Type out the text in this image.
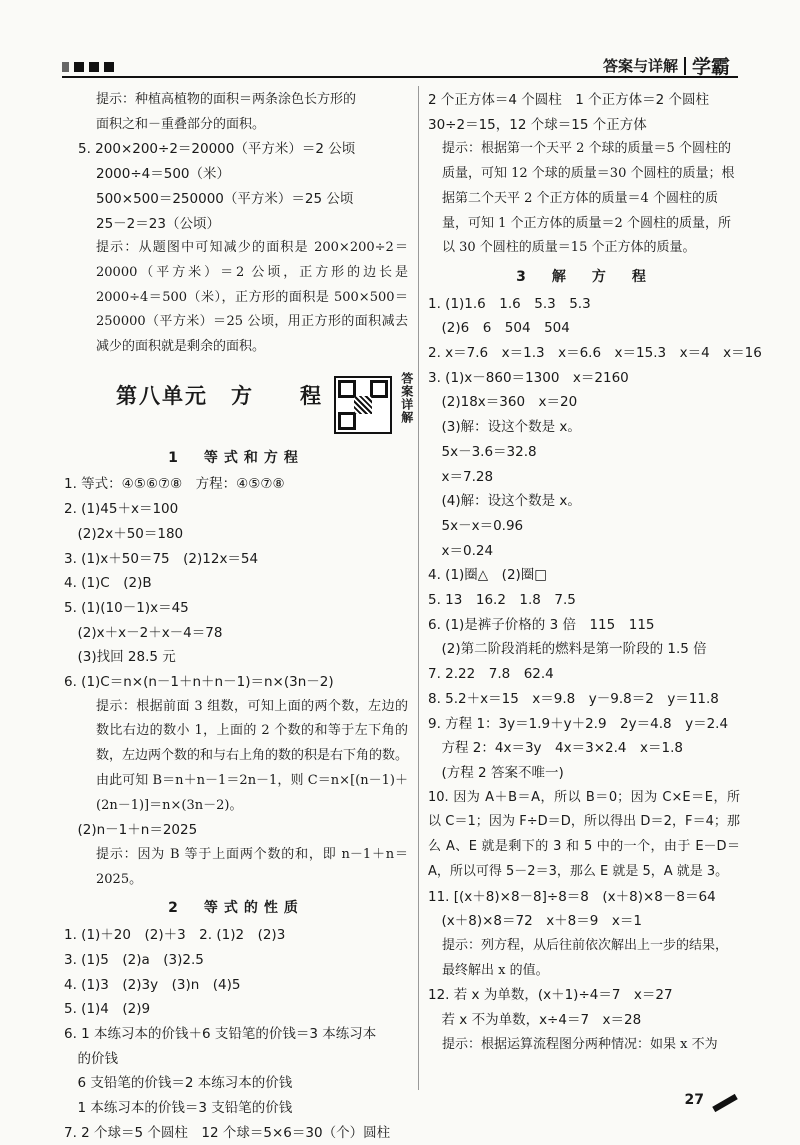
答案与详解 学霸
提示：种植高植物的面积＝两条涂色长方形的
面积之和－重叠部分的面积。
5. 200×200÷2＝20000（平方米）＝2 公顷
2000÷4＝500（米）
500×500＝250000（平方米）＝25 公顷
25－2＝23（公顷）
提示：从题图中可知减少的面积是 200×200÷2＝20000（平方米）＝2 公顷，正方形的边长是 2000÷4＝500（米），正方形的面积是 500×500＝250000（平方米）＝25 公顷，用正方形的面积减去减少的面积就是剩余的面积。
第八单元　方　　程	答案详解
1　等式和方程
1. 等式：④⑤⑥⑦⑧　方程：④⑤⑦⑧
2. (1)45＋x＝100
　(2)2x＋50＝180
3. (1)x＋50＝75　(2)12x＝54
4. (1)C　(2)B
5. (1)(10－1)x＝45
　(2)x＋x－2＋x－4＝78
　(3)找回 28.5 元
6. (1)C＝n×(n－1＋n＋n－1)＝n×(3n－2)
提示：根据前面 3 组数，可知上面的两个数，左边的数比右边的数小 1，上面的 2 个数的和等于左下角的数，左边两个数的和与右上角的数的积是右下角的数。由此可知 B＝n＋n－1＝2n－1，则 C＝n×[(n－1)＋(2n－1)]＝n×(3n－2)。
　(2)n－1＋n＝2025
提示：因为 B 等于上面两个数的和，即 n－1＋n＝2025。
2　等式的性质
1. (1)＋20　(2)＋3　2. (1)2　(2)3
3. (1)5　(2)a　(3)2.5
4. (1)3　(2)3y　(3)n　(4)5
5. (1)4　(2)9
6. 1 本练习本的价钱＋6 支铅笔的价钱＝3 本练习本
　的价钱
　6 支铅笔的价钱＝2 本练习本的价钱
　1 本练习本的价钱＝3 支铅笔的价钱
7. 2 个球＝5 个圆柱　12 个球＝5×6＝30（个）圆柱
2 个正方体＝4 个圆柱　1 个正方体＝2 个圆柱
30÷2＝15，12 个球＝15 个正方体
提示：根据第一个天平 2 个球的质量＝5 个圆柱的质量，可知 12 个球的质量＝30 个圆柱的质量；根据第二个天平 2 个正方体的质量＝4 个圆柱的质量，可知 1 个正方体的质量＝2 个圆柱的质量，所以 30 个圆柱的质量＝15 个正方体的质量。
3　解　方　程
1. (1)1.6　1.6　5.3　5.3
　(2)6　6　504　504
2. x＝7.6　x＝1.3　x＝6.6　x＝15.3　x＝4　x＝16
3. (1)x－860＝1300　x＝2160
　(2)18x＝360　x＝20
　(3)解：设这个数是 x。
　5x－3.6＝32.8
　x＝7.28
　(4)解：设这个数是 x。
　5x－x＝0.96
　x＝0.24
4. (1)圈△　(2)圈□
5. 13　16.2　1.8　7.5
6. (1)是裤子价格的 3 倍　115　115
　(2)第二阶段消耗的燃料是第一阶段的 1.5 倍
7. 2.22　7.8　62.4
8. 5.2＋x＝15　x＝9.8　y－9.8＝2　y＝11.8
9. 方程 1：3y＝1.9＋y＋2.9　2y＝4.8　y＝2.4
　方程 2：4x＝3y　4x＝3×2.4　x＝1.8
　(方程 2 答案不唯一)
10. 因为 A＋B＝A，所以 B＝0；因为 C×E＝E，所以 C＝1；因为 F÷D＝D，所以得出 D＝2，F＝4；那么 A、E 就是剩下的 3 和 5 中的一个，由于 E－D＝A，所以可得 5－2＝3，那么 E 就是 5，A 就是 3。
11. [(x＋8)×8－8]÷8＝8　(x＋8)×8－8＝64
　(x＋8)×8＝72　x＋8＝9　x＝1
提示：列方程，从后往前依次解出上一步的结果，最终解出 x 的值。
12. 若 x 为单数，(x＋1)÷4＝7　x＝27
　若 x 不为单数，x÷4＝7　x＝28
提示：根据运算流程图分两种情况：如果 x 不为
27
